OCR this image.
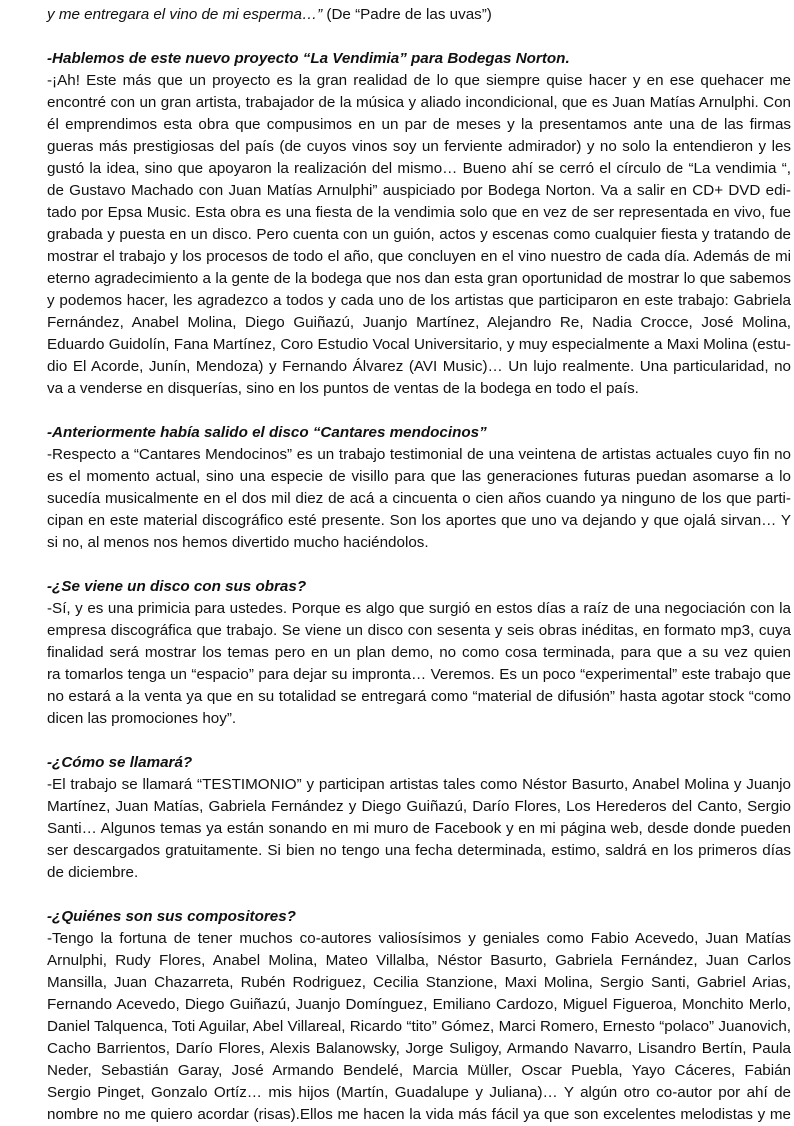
y me entregara el vino de mi esperma…” (De “Padre de las uvas”)
-Hablemos de este nuevo proyecto “La Vendimia” para Bodegas Norton.
-¡Ah! Este más que un proyecto es la gran realidad de lo que siempre quise hacer y en ese quehacer me
encontré con un gran artista, trabajador de la música y aliado incondicional, que es Juan Matías Arnulphi. Con
él emprendimos esta obra que compusimos en un par de meses y la presentamos ante una de las firmas
gueras más prestigiosas del país (de cuyos vinos soy un ferviente admirador) y no solo la entendieron y les
gustó la idea, sino que apoyaron la realización del mismo… Bueno ahí se cerró el círculo de “La vendimia “,
de Gustavo Machado con Juan Matías Arnulphi” auspiciado por Bodega Norton. Va a salir en CD+ DVD edi-
tado por Epsa Music. Esta obra es una fiesta de la vendimia solo que en vez de ser representada en vivo, fue
grabada y puesta en un disco. Pero cuenta con un guión, actos y escenas como cualquier fiesta y tratando de
mostrar el trabajo y los procesos de todo el año, que concluyen en el vino nuestro de cada día. Además de mi
eterno agradecimiento a la gente de la bodega que nos dan esta gran oportunidad de mostrar lo que sabemos
y podemos hacer, les agradezco a todos y cada uno de los artistas que participaron en este trabajo: Gabriela
Fernández, Anabel Molina, Diego Guiñazú, Juanjo Martínez, Alejandro Re, Nadia Crocce, José Molina,
Eduardo Guidolín, Fana Martínez, Coro Estudio Vocal Universitario, y muy especialmente a Maxi Molina (estu-
dio El Acorde, Junín, Mendoza) y Fernando Álvarez (AVI Music)… Un lujo realmente. Una particularidad, no
va a venderse en disquerías, sino en los puntos de ventas de la bodega en todo el país.
-Anteriormente había salido el disco “Cantares mendocinos”
-Respecto a “Cantares Mendocinos” es un trabajo testimonial de una veintena de artistas actuales cuyo fin no
es el momento actual, sino una especie de visillo para que las generaciones futuras puedan asomarse a lo
sucedía musicalmente en el dos mil diez de acá a cincuenta o cien años cuando ya ninguno de los que parti-
cipan en este material discográfico esté presente. Son los aportes que uno va dejando y que ojalá sirvan… Y
si no, al menos nos hemos divertido mucho haciéndolos.
-¿Se viene un disco con sus obras?
-Sí, y es una primicia para ustedes. Porque es algo que surgió en estos días a raíz de una negociación con la
empresa discográfica que trabajo. Se viene un disco con sesenta y seis obras inéditas, en formato mp3, cuya
finalidad será mostrar los temas pero en un plan demo, no como cosa terminada, para que a su vez quien
ra tomarlos tenga un “espacio” para dejar su impronta… Veremos. Es un poco “experimental” este trabajo que
no estará a la venta ya que en su totalidad se entregará como “material de difusión” hasta agotar stock “como
dicen las promociones hoy”.
-¿Cómo se llamará?
-El trabajo se llamará “TESTIMONIO” y participan artistas tales como Néstor Basurto, Anabel Molina y Juanjo
Martínez, Juan Matías, Gabriela Fernández y Diego Guiñazú, Darío Flores, Los Herederos del Canto, Sergio
Santi… Algunos temas ya están sonando en mi muro de Facebook y en mi página web, desde donde pueden
ser descargados gratuitamente. Si bien no tengo una fecha determinada, estimo, saldrá en los primeros días
de diciembre.
-¿Quiénes son sus compositores?
-Tengo la fortuna de tener muchos co-autores valiosísimos y geniales como Fabio Acevedo, Juan Matías
Arnulphi, Rudy Flores, Anabel Molina, Mateo Villalba, Néstor Basurto, Gabriela Fernández, Juan Carlos
Mansilla, Juan Chazarreta, Rubén Rodriguez, Cecilia Stanzione, Maxi Molina, Sergio Santi, Gabriel Arias,
Fernando Acevedo, Diego Guiñazú, Juanjo Domínguez, Emiliano Cardozo, Miguel Figueroa, Monchito Merlo,
Daniel Talquenca, Toti Aguilar, Abel Villareal, Ricardo “tito” Gómez, Marci Romero, Ernesto “polaco” Juanovich,
Cacho Barrientos, Darío Flores, Alexis Balanowsky, Jorge Suligoy, Armando Navarro, Lisandro Bertín, Paula
Neder, Sebastián Garay, José Armando Bendelé, Marcia Müller, Oscar Puebla, Yayo Cáceres, Fabián
Sergio Pinget, Gonzalo Ortíz… mis hijos (Martín, Guadalupe y Juliana)… Y algún otro co-autor por ahí de
nombre no me quiero acordar (risas).Ellos me hacen la vida más fácil ya que son excelentes melodistas y me
